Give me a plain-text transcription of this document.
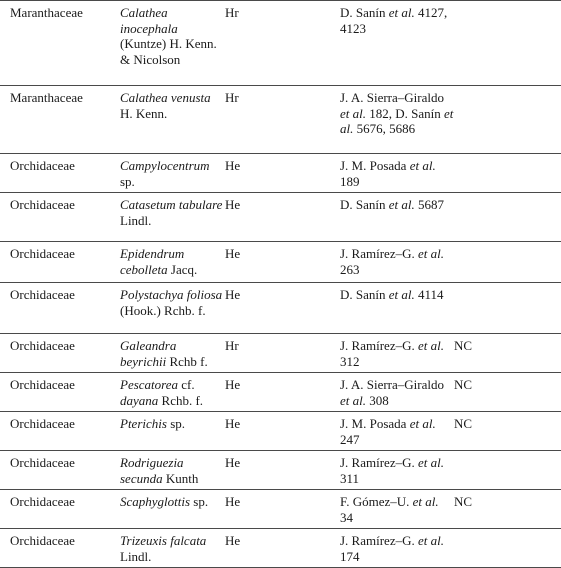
Maranthaceae	Calathea inocephala (Kuntze) H. Kenn. & Nicolson	Hr	D. Sanín et al. 4127, 4123	
Maranthaceae	Calathea venusta H. Kenn.	Hr	J. A. Sierra–Giraldo et al. 182, D. Sanín et al. 5676, 5686	
Orchidaceae	Campylocentrum sp.	He	J. M. Posada et al. 189	
Orchidaceae	Catasetum tabulare Lindl.	He	D. Sanín et al. 5687	
Orchidaceae	Epidendrum cebolleta Jacq.	He	J. Ramírez–G. et al. 263	
Orchidaceae	Polystachya foliosa (Hook.) Rchb. f.	He	D. Sanín et al. 4114	
Orchidaceae	Galeandra beyrichii Rchb f.	Hr	J. Ramírez–G. et al. 312	NC
Orchidaceae	Pescatorea cf. dayana Rchb. f.	He	J. A. Sierra–Giraldo et al. 308	NC
Orchidaceae	Pterichis sp.	He	J. M. Posada et al. 247	NC
Orchidaceae	Rodriguezia secunda Kunth	He	J. Ramírez–G. et al. 311	
Orchidaceae	Scaphyglottis sp.	He	F. Gómez–U. et al. 34	NC
Orchidaceae	Trizeuxis falcata Lindl.	He	J. Ramírez–G. et al. 174	
